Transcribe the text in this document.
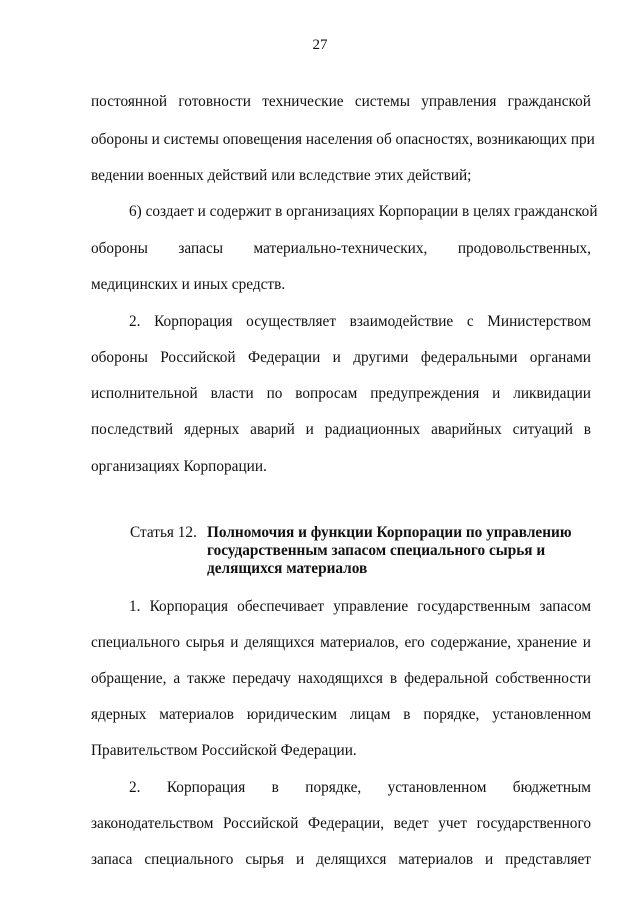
27
постоянной готовности технические системы управления гражданской
обороны и системы оповещения населения об опасностях, возникающих при
ведении военных действий или вследствие этих действий;
6) создает и содержит в организациях Корпорации в целях гражданской
обороны запасы материально-технических, продовольственных,
медицинских и иных средств.
2. Корпорация осуществляет взаимодействие с Министерством
обороны Российской Федерации и другими федеральными органами
исполнительной власти по вопросам предупреждения и ликвидации
последствий ядерных аварий и радиационных аварийных ситуаций в
организациях Корпорации.
Статья 12. Полномочия и функции Корпорации по управлению
государственным запасом специального сырья и
делящихся материалов
1. Корпорация обеспечивает управление государственным запасом
специального сырья и делящихся материалов, его содержание, хранение и
обращение, а также передачу находящихся в федеральной собственности
ядерных материалов юридическим лицам в порядке, установленном
Правительством Российской Федерации.
2. Корпорация в порядке, установленном бюджетным
законодательством Российской Федерации, ведет учет государственного
запаса специального сырья и делящихся материалов и представляет
